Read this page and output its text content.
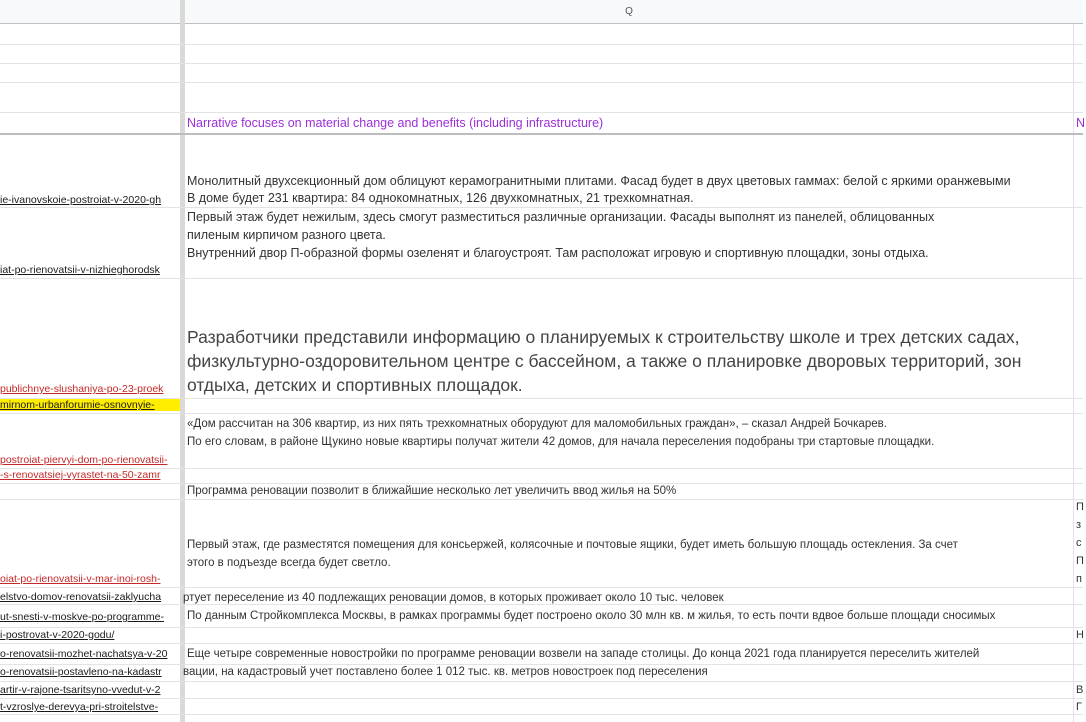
Q
Narrative focuses on material change and benefits (including infrastructure)	N
ie-ivanovskoie-postroiat-v-2020-gh
iat-po-rienovatsii-v-nizhieghorodsk
publichnye-slushaniya-po-23-proek
mirnom-urbanforumie-osnovnyie-
postroiat-piervyi-dom-po-rienovatsii-
-s-renovatsiej-vyrastet-na-50-zamr
oiat-po-rienovatsii-v-mar-inoi-rosh-
elstvo-domov-renovatsii-zaklyucha
ut-snesti-v-moskve-po-programme-
i-postrovat-v-2020-godu/
o-renovatsii-mozhet-nachatsya-v-20
o-renovatsii-postavleno-na-kadastr
artir-v-rajone-tsaritsyno-vvedut-v-2
t-vzroslye-derevya-pri-stroitelstve-
Монолитный двухсекционный дом облицуют керамогранитными плитами. Фасад будет в двух цветовых гаммах: белой с яркими оранжевыми
В доме будет 231 квартира: 84 однокомнатных, 126 двухкомнатных, 21 трехкомнатная.
Первый этаж будет нежилым, здесь смогут разместиться различные организации. Фасады выполнят из панелей, облицованных
пиленым кирпичом разного цвета.
Внутренний двор П-образной формы озеленят и благоустроят. Там расположат игровую и спортивную площадки, зоны отдыха.
Разработчики представили информацию о планируемых к строительству школе и трех детских садах, физкультурно-оздоровительном центре с бассейном, а также о планировке дворовых территорий, зон отдыха, детских и спортивных площадок.
«Дом рассчитан на 306 квартир, из них пять трехкомнатных оборудуют для маломобильных граждан», – сказал Андрей Бочкарев.
По его словам, в районе Щукино новые квартиры получат жители 42 домов, для начала переселения подобраны три стартовые площадки.
Программа реновации позволит в ближайшие несколько лет увеличить ввод жилья на 50%
Первый этаж, где разместятся помещения для консьержей, колясочные и почтовые ящики, будет иметь большую площадь остекления. За счет
этого в подъезде всегда будет светло.
ртует переселение из 40 подлежащих реновации домов, в которых проживает около 10 тыс. человек
По данным Стройкомплекса Москвы, в рамках программы будет построено около 30 млн кв. м жилья, то есть почти вдвое больше площади сносимых
Еще четыре современные новостройки по программе реновации возвели на западе столицы. До конца 2021 года планируется переселить жителей
вации, на кадастровый учет поставлено более 1 012 тыс. кв. метров новостроек под переселения
П
з
с
П
п
Н
В
Г
